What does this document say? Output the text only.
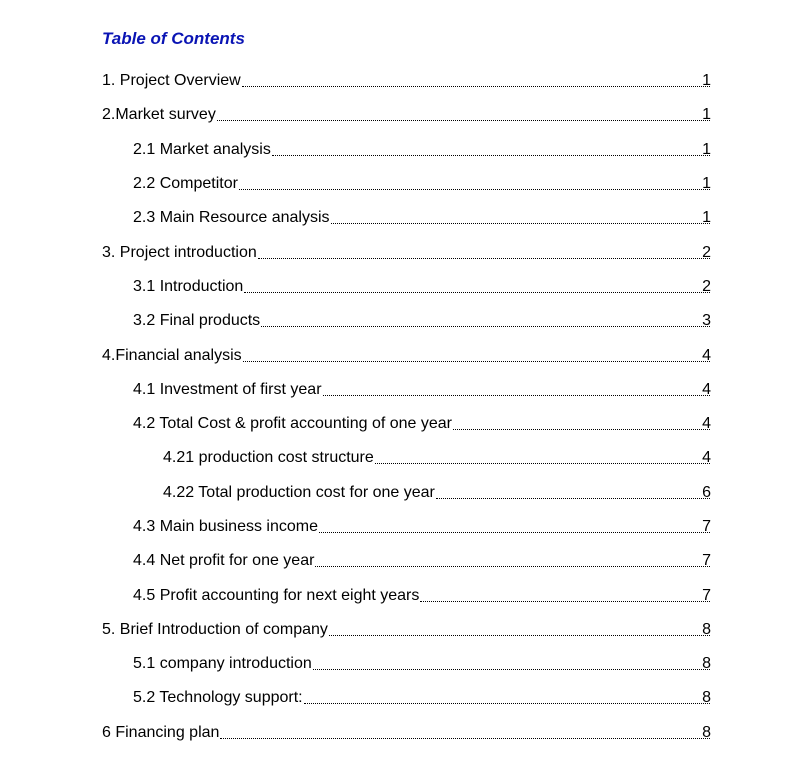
Table of Contents
1. Project Overview	1
2.Market survey	1
2.1 Market analysis	1
2.2 Competitor	1
2.3 Main Resource analysis	1
3. Project introduction	2
3.1 Introduction	2
3.2 Final products	3
4.Financial analysis	4
4.1 Investment of first year	4
4.2 Total Cost & profit accounting of one year	4
4.21 production cost structure	4
4.22 Total production cost for one year	6
4.3 Main business income	7
4.4 Net profit for one year	7
4.5 Profit accounting for next eight years	7
5. Brief Introduction of company	8
5.1 company introduction	8
5.2 Technology support:	8
6 Financing plan	8
